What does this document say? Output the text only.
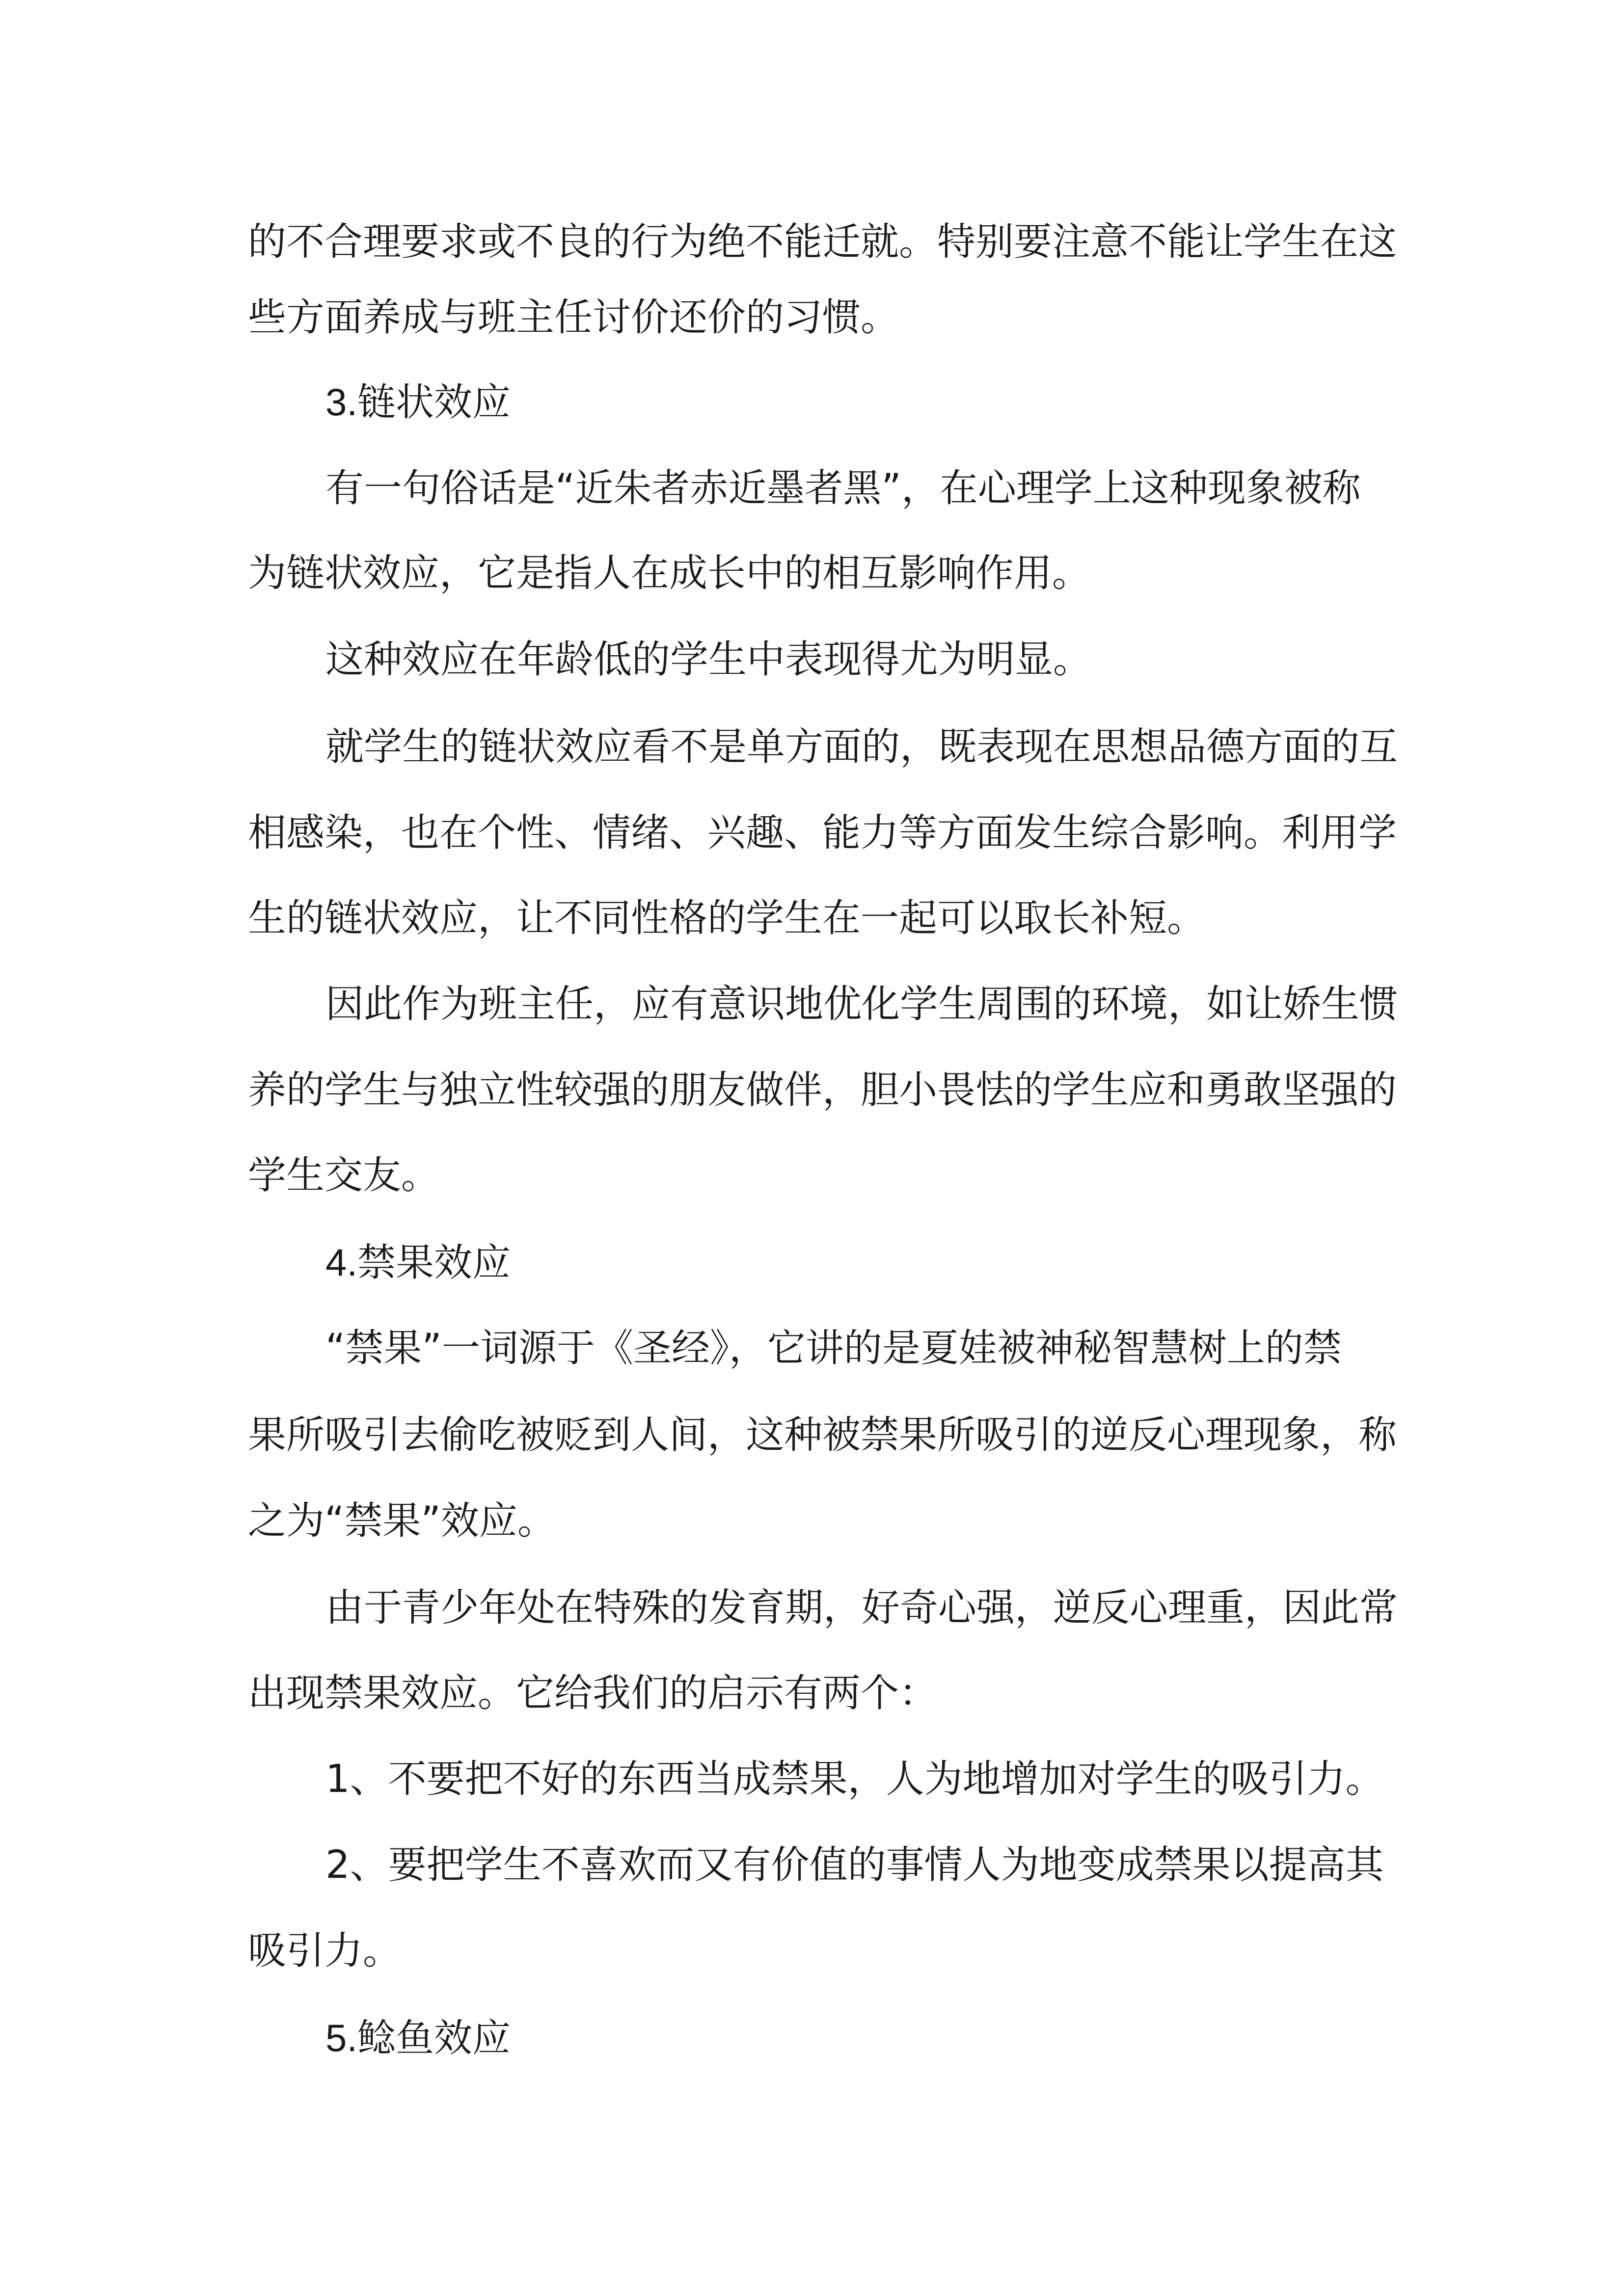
的不合理要求或不良的行为绝不能迁就。特别要注意不能让学生在这

些方面养成与班主任讨价还价的习惯。

3.链状效应

有一句俗话是“近朱者赤近墨者黑”，在心理学上这种现象被称

为链状效应，它是指人在成长中的相互影响作用。

这种效应在年龄低的学生中表现得尤为明显。

就学生的链状效应看不是单方面的，既表现在思想品德方面的互

相感染，也在个性、情绪、兴趣、能力等方面发生综合影响。利用学

生的链状效应，让不同性格的学生在一起可以取长补短。

因此作为班主任，应有意识地优化学生周围的环境，如让娇生惯

养的学生与独立性较强的朋友做伴，胆小畏怯的学生应和勇敢坚强的

学生交友。

4.禁果效应

“禁果”一词源于《圣经》，它讲的是夏娃被神秘智慧树上的禁

果所吸引去偷吃被贬到人间，这种被禁果所吸引的逆反心理现象，称

之为“禁果”效应。

由于青少年处在特殊的发育期，好奇心强，逆反心理重，因此常

出现禁果效应。它给我们的启示有两个：

1、不要把不好的东西当成禁果，人为地增加对学生的吸引力。

2、要把学生不喜欢而又有价值的事情人为地变成禁果以提高其

吸引力。

5.鲶鱼效应
